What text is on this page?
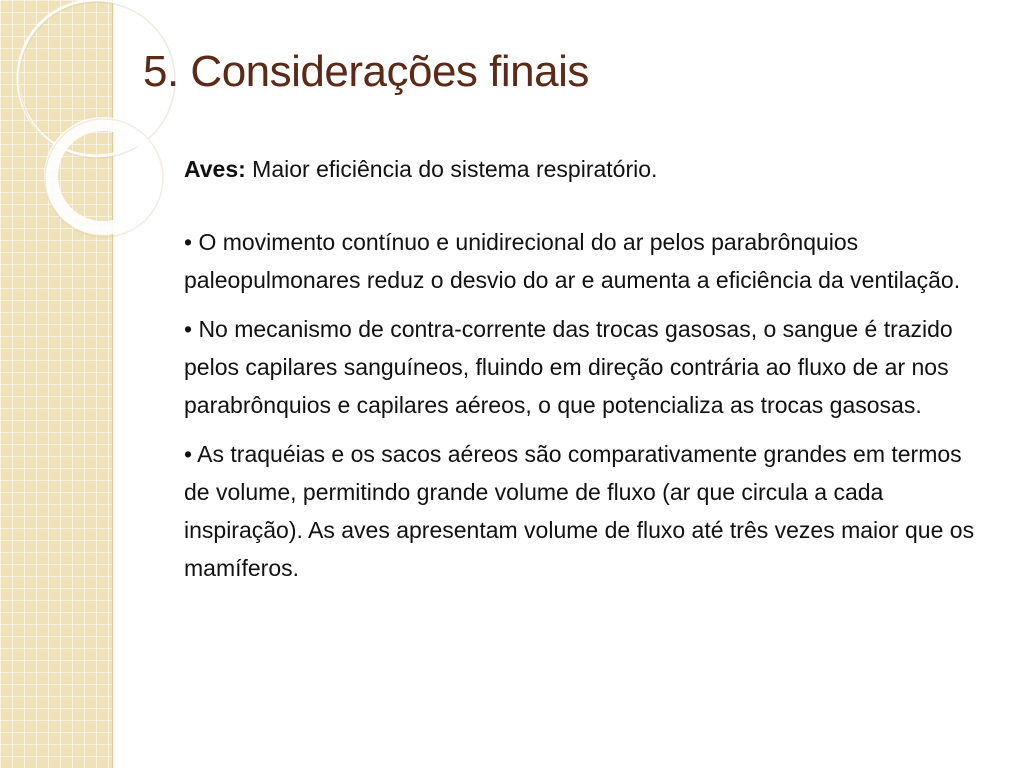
5. Considerações finais

Aves: Maior eficiência do sistema respiratório.

• O movimento contínuo e unidirecional do ar pelos parabrônquios paleopulmonares reduz o desvio do ar e aumenta a eficiência da ventilação.

• No mecanismo de contra-corrente das trocas gasosas, o sangue é trazido pelos capilares sanguíneos, fluindo em direção contrária ao fluxo de ar nos parabrônquios e capilares aéreos, o que potencializa as trocas gasosas.

• As traquéias e os sacos aéreos são comparativamente grandes em termos de volume, permitindo grande volume de fluxo (ar que circula a cada inspiração). As aves apresentam volume de fluxo até três vezes maior que os mamíferos.
